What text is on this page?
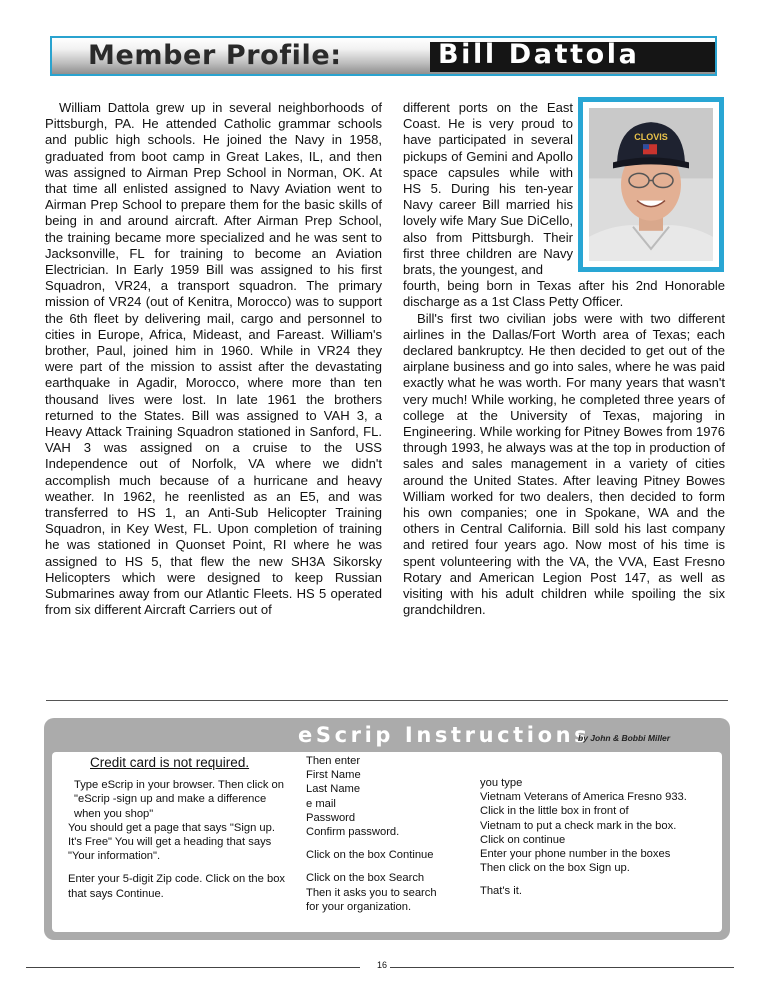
Member Profile:	Bill Dattola

William Dattola grew up in several neighborhoods of Pittsburgh, PA. He attended Catholic grammar schools and public high schools. He joined the Navy in 1958, graduated from boot camp in Great Lakes, IL, and then was assigned to Airman Prep School in Norman, OK. At that time all enlisted assigned to Navy Aviation went to Airman Prep School to prepare them for the basic skills of being in and around aircraft. After Airman Prep School, the training became more specialized and he was sent to Jacksonville, FL for training to become an Aviation Electrician. In Early 1959 Bill was assigned to his first Squadron, VR24, a transport squadron. The primary mission of VR24 (out of Kenitra, Morocco) was to support the 6th fleet by delivering mail, cargo and personnel to cities in Europe, Africa, Mideast, and Fareast. William's brother, Paul, joined him in 1960. While in VR24 they were part of the mission to assist after the devastating earthquake in Agadir, Morocco, where more than ten thousand lives were lost. In late 1961 the brothers returned to the States. Bill was assigned to VAH 3, a Heavy Attack Training Squadron stationed in Sanford, FL. VAH 3 was assigned on a cruise to the USS Independence out of Norfolk, VA where we didn't accomplish much because of a hurricane and heavy weather. In 1962, he reenlisted as an E5, and was transferred to HS 1, an Anti-Sub Helicopter Training Squadron, in Key West, FL. Upon completion of training he was stationed in Quonset Point, RI where he was assigned to HS 5, that flew the new SH3A Sikorsky Helicopters which were designed to keep Russian Submarines away from our Atlantic Fleets. HS 5 operated from six different Aircraft Carriers out of

different ports on the East Coast. He is very proud to have participated in several pickups of Gemini and Apollo space capsules while with HS 5. During his ten-year Navy career Bill married his lovely wife Mary Sue DiCello, also from Pittsburgh. Their first three children are Navy brats, the youngest, and

fourth, being born in Texas after his 2nd Honorable discharge as a 1st Class Petty Officer.

Bill's first two civilian jobs were with two different airlines in the Dallas/Fort Worth area of Texas; each declared bankruptcy. He then decided to get out of the airplane business and go into sales, where he was paid exactly what he was worth. For many years that wasn't very much! While working, he completed three years of college at the University of Texas, majoring in Engineering. While working for Pitney Bowes from 1976 through 1993, he always was at the top in production of sales and sales management in a variety of cities around the United States. After leaving Pitney Bowes William worked for two dealers, then decided to form his own companies; one in Spokane, WA and the others in Central California. Bill sold his last company and retired four years ago. Now most of his time is spent volunteering with the VA, the VVA, East Fresno Rotary and American Legion Post 147, as well as visiting with his adult children while spoiling the six grandchildren.

CLOVIS
eScrip Instructions
by John & Bobbi Miller
Credit card is not required.

Type eScrip in your browser. Then click on "eScrip -sign up and make a difference when you shop"

You should get a page that says "Sign up. It's Free" You will get a heading that says "Your information".

Enter your 5-digit Zip code. Click on the box that says Continue.

Then enter

First Name

Last Name

e mail

Password

Confirm password.

Click on the box Continue

Click on the box Search

Then it asks you to search

for your organization.

you type

Vietnam Veterans of America Fresno 933.

Click in the little box in front of

Vietnam to put a check mark in the box.

Click on continue

Enter your phone number in the boxes

Then click on the box Sign up.

That's it.

16
